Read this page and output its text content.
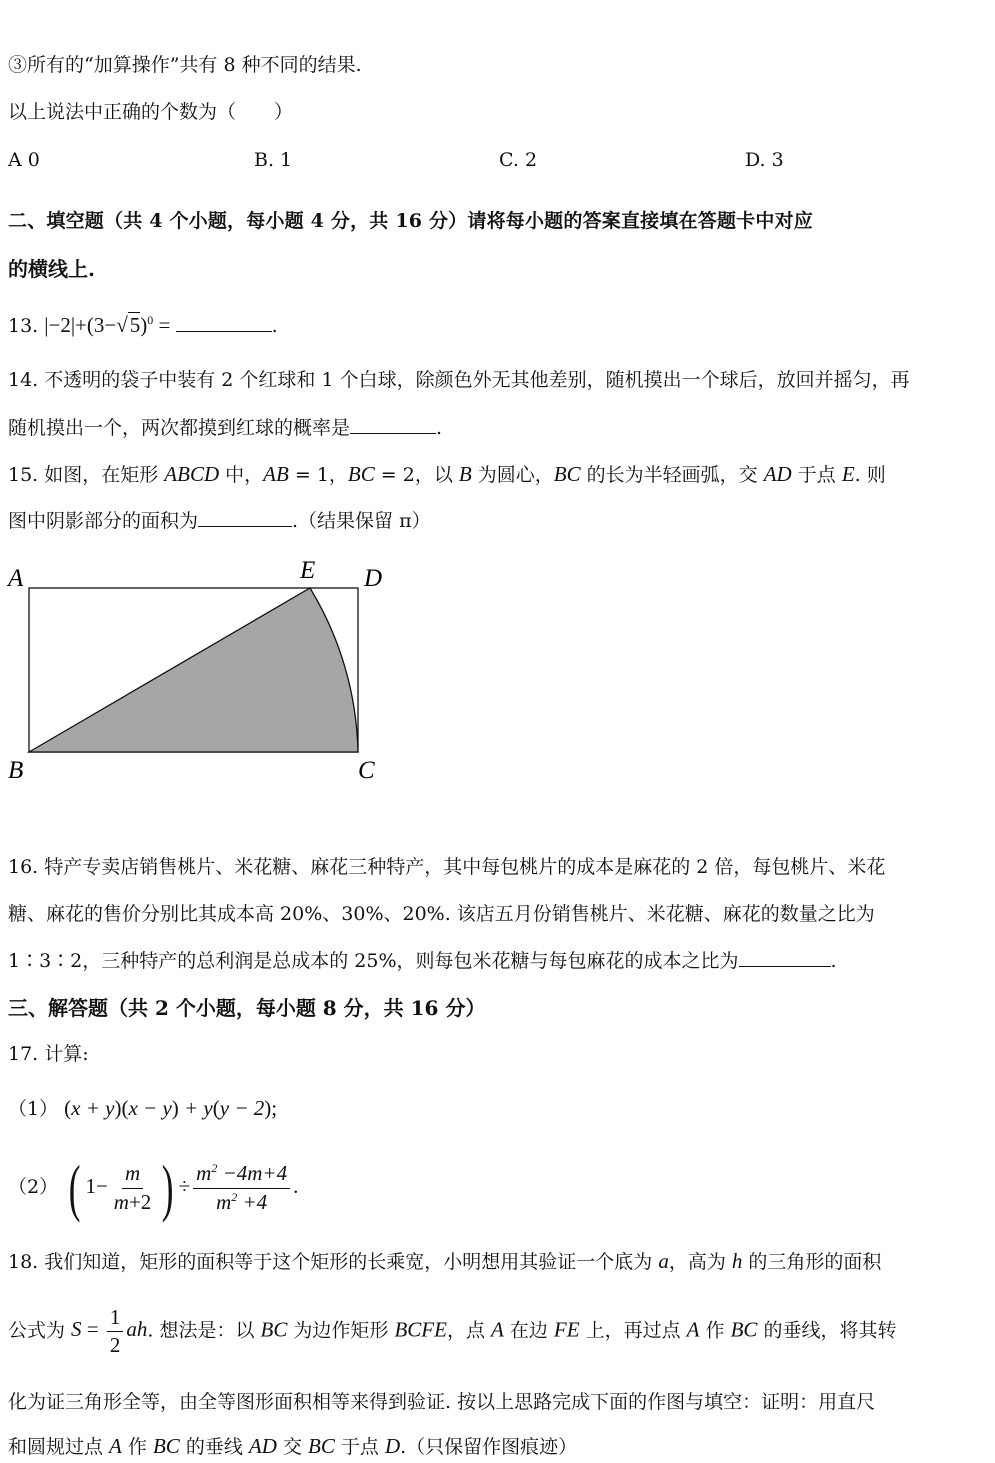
③所有的“加算操作”共有 8 种不同的结果.
以上说法中正确的个数为（　　）
A 0	B. 1	C. 2	D. 3
二、填空题（共 4 个小题，每小题 4 分，共 16 分）请将每小题的答案直接填在答题卡中对应
的横线上.
13. $|-2|+(3-√5)^0$ =	.
14. 不透明的袋子中装有 2 个红球和 1 个白球，除颜色外无其他差别，随机摸出一个球后，放回并摇匀，再
随机摸出一个，两次都摸到红球的概率是	.
15. 如图，在矩形 ABCD 中，AB = 1，BC = 2，以 B 为圆心，BC 的长为半轻画弧，交 AD 于点 E. 则
图中阴影部分的面积为	.（结果保留 π）
A	E D
B	C
16. 特产专卖店销售桃片、米花糖、麻花三种特产，其中每包桃片的成本是麻花的 2 倍，每包桃片、米花
糖、麻花的售价分别比其成本高 20%、30%、20%. 该店五月份销售桃片、米花糖、麻花的数量之比为
1∶3∶2，三种特产的总利润是总成本的 25%，则每包米花糖与每包麻花的成本之比为	.
三、解答题（共 2 个小题，每小题 8 分，共 16 分）
17. 计算:
（1） (x + y)(x − y) + y(y − 2);
（2） ( $1- \frac{m}{m+2}$ ) ÷ $\frac{m^2 -4m+4}{m^2 +4}$ .
18. 我们知道，矩形的面积等于这个矩形的长乘宽，小明想用其验证一个底为 a，高为 h 的三角形的面积
公式为 $S = \frac{1}{2}$ ah. 想法是：以 BC 为边作矩形 BCFE，点 A 在边 FE 上，再过点 A 作 BC 的垂线，将其转
化为证三角形全等，由全等图形面积相等来得到验证. 按以上思路完成下面的作图与填空：证明：用直尺
和圆规过点 A 作 BC 的垂线 AD 交 BC 于点 D.（只保留作图痕迹）
